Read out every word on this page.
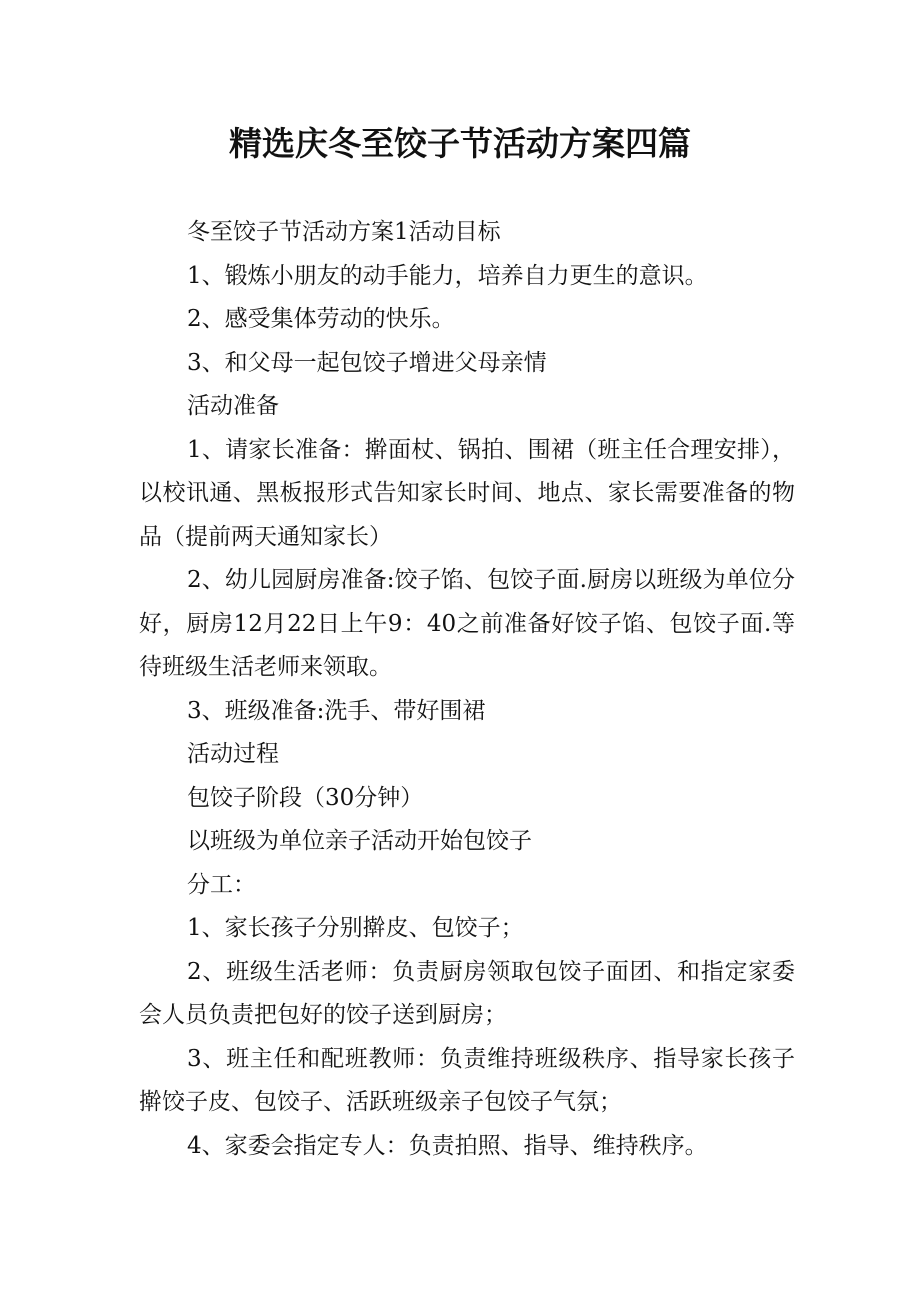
精选庆冬至饺子节活动方案四篇

冬至饺子节活动方案1活动目标

1、锻炼小朋友的动手能力，培养自力更生的意识。

2、感受集体劳动的快乐。

3、和父母一起包饺子增进父母亲情

活动准备

1、请家长准备：擀面杖、锅拍、围裙（班主任合理安排），以校讯通、黑板报形式告知家长时间、地点、家长需要准备的物品（提前两天通知家长）

2、幼儿园厨房准备:饺子馅、包饺子面.厨房以班级为单位分好，厨房12月22日上午9：40之前准备好饺子馅、包饺子面.等待班级生活老师来领取。

3、班级准备:洗手、带好围裙

活动过程

包饺子阶段（30分钟）

以班级为单位亲子活动开始包饺子

分工：

1、家长孩子分别擀皮、包饺子；

2、班级生活老师：负责厨房领取包饺子面团、和指定家委会人员负责把包好的饺子送到厨房；

3、班主任和配班教师：负责维持班级秩序、指导家长孩子擀饺子皮、包饺子、活跃班级亲子包饺子气氛；

4、家委会指定专人：负责拍照、指导、维持秩序。
